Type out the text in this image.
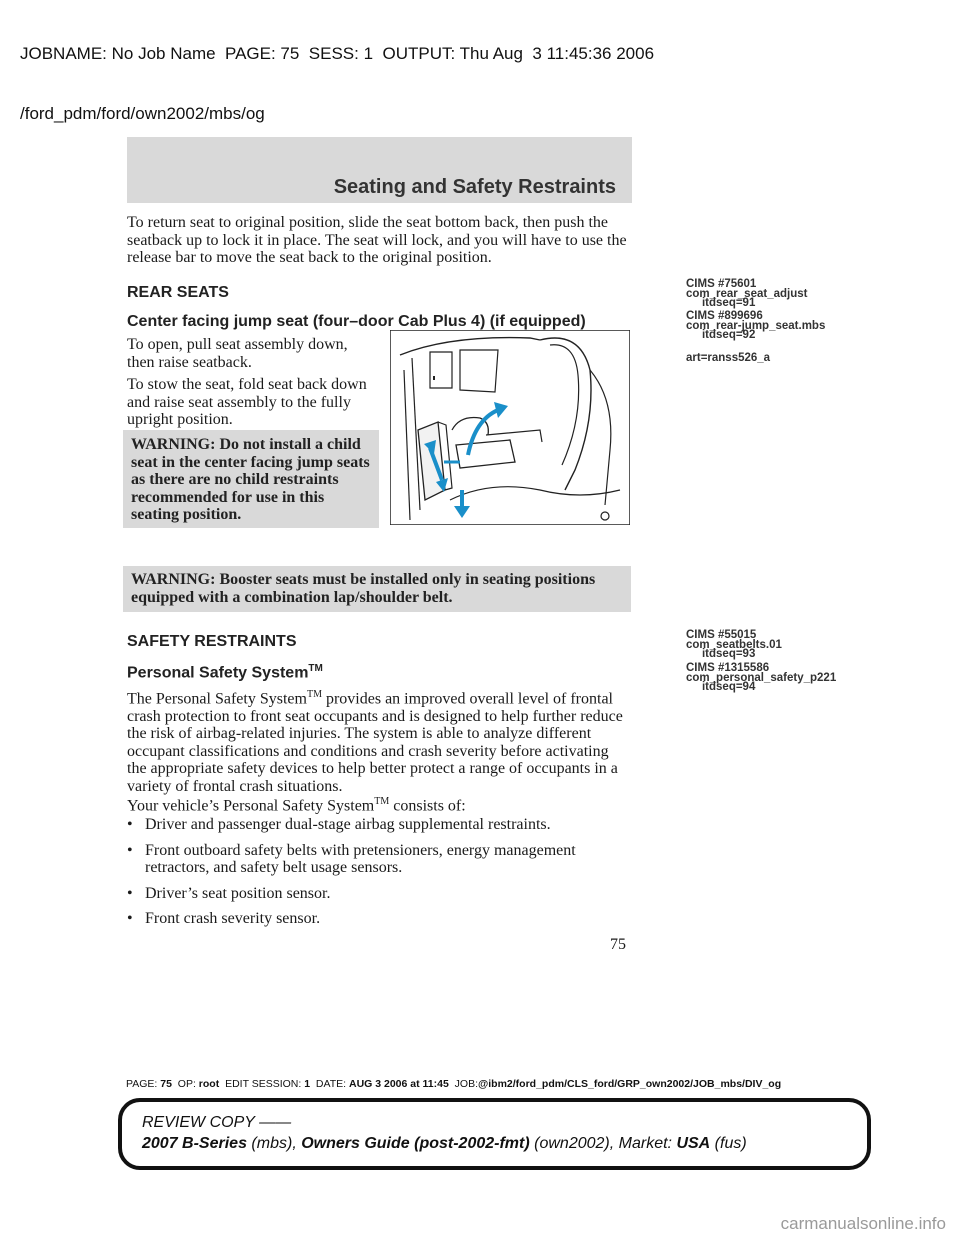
JOBNAME: No Job Name  PAGE: 75  SESS: 1  OUTPUT: Thu Aug  3 11:45:36 2006

/ford_pdm/ford/own2002/mbs/og

Seating and Safety Restraints
To return seat to original position, slide the seat bottom back, then push the seatback up to lock it in place. The seat will lock, and you will have to use the release bar to move the seat back to the original position.
REAR SEATS
Center facing jump seat (four–door Cab Plus 4) (if equipped)
To open, pull seat assembly down, then raise seatback.
To stow the seat, fold seat back down and raise seat assembly to the fully upright position.
WARNING: Do not install a child seat in the center facing jump seats as there are no child restraints recommended for use in this seating position.
WARNING: Booster seats must be installed only in seating positions equipped with a combination lap/shoulder belt.
CIMS #75601
com_rear_seat_adjust
itdseq=91
CIMS #899696
com_rear-jump_seat.mbs
itdseq=92
art=ranss526_a
CIMS #55015
com_seatbelts.01
itdseq=93
CIMS #1315586
com_personal_safety_p221
itdseq=94
SAFETY RESTRAINTS
Personal Safety System™
The Personal Safety System™ provides an improved overall level of frontal crash protection to front seat occupants and is designed to help further reduce the risk of airbag-related injuries. The system is able to analyze different occupant classifications and conditions and crash severity before activating the appropriate safety devices to help better protect a range of occupants in a variety of frontal crash situations.
Your vehicle’s Personal Safety System™ consists of:
• Driver and passenger dual-stage airbag supplemental restraints.
• Front outboard safety belts with pretensioners, energy management retractors, and safety belt usage sensors.
• Driver’s seat position sensor.
• Front crash severity sensor.
75
PAGE: 75 OP: root EDIT SESSION: 1 DATE: AUG 3 2006 at 11:45 JOB:@ibm2/ford_pdm/CLS_ford/GRP_own2002/JOB_mbs/DIV_og
REVIEW COPY ——
2007 B-Series (mbs), Owners Guide (post-2002-fmt) (own2002), Market: USA (fus)
carmanualsonline.info
